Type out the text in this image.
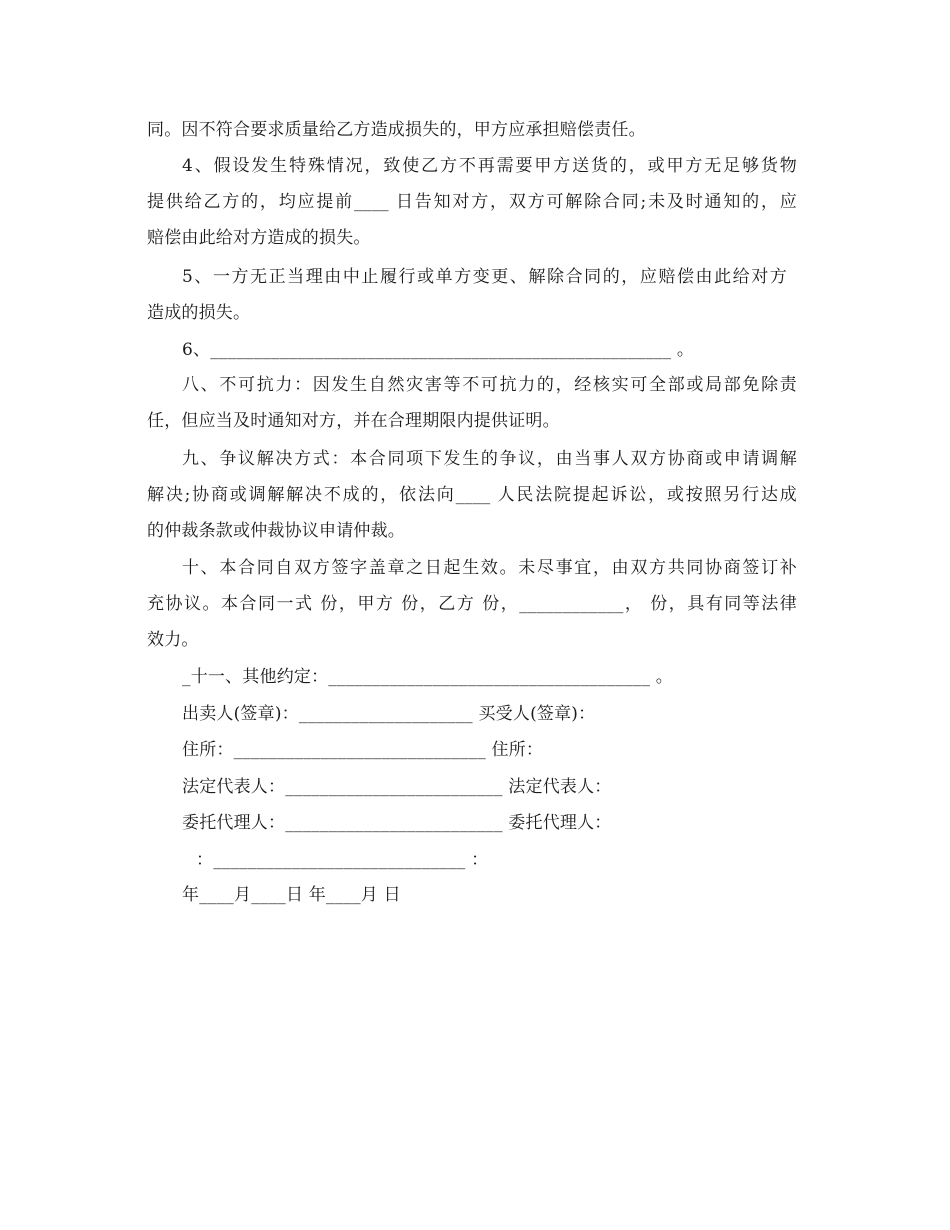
同。因不符合要求质量给乙方造成损失的，甲方应承担赔偿责任。

4、假设发生特殊情况，致使乙方不再需要甲方送货的，或甲方无足够货物

提供给乙方的，均应提前____ 日告知对方，双方可解除合同;未及时通知的，应

赔偿由此给对方造成的损失。

5、一方无正当理由中止履行或单方变更、解除合同的，应赔偿由此给对方

造成的损失。

6、_____________________________________________________ 。

八、不可抗力：因发生自然灾害等不可抗力的，经核实可全部或局部免除责

任，但应当及时通知对方，并在合理期限内提供证明。

九、争议解决方式：本合同项下发生的争议，由当事人双方协商或申请调解

解决;协商或调解解决不成的，依法向____ 人民法院提起诉讼，或按照另行达成

的仲裁条款或仲裁协议申请仲裁。

十、本合同自双方签字盖章之日起生效。未尽事宜，由双方共同协商签订补

充协议。本合同一式 份，甲方 份，乙方 份，____________， 份，具有同等法律

效力。

_十一、其他约定：_____________________________________ 。

出卖人(签章)：____________________ 买受人(签章)：

住所：_____________________________ 住所：

法定代表人：_________________________ 法定代表人：

委托代理人：_________________________ 委托代理人：

：_____________________________ ：

年____月____日 年____月 日
